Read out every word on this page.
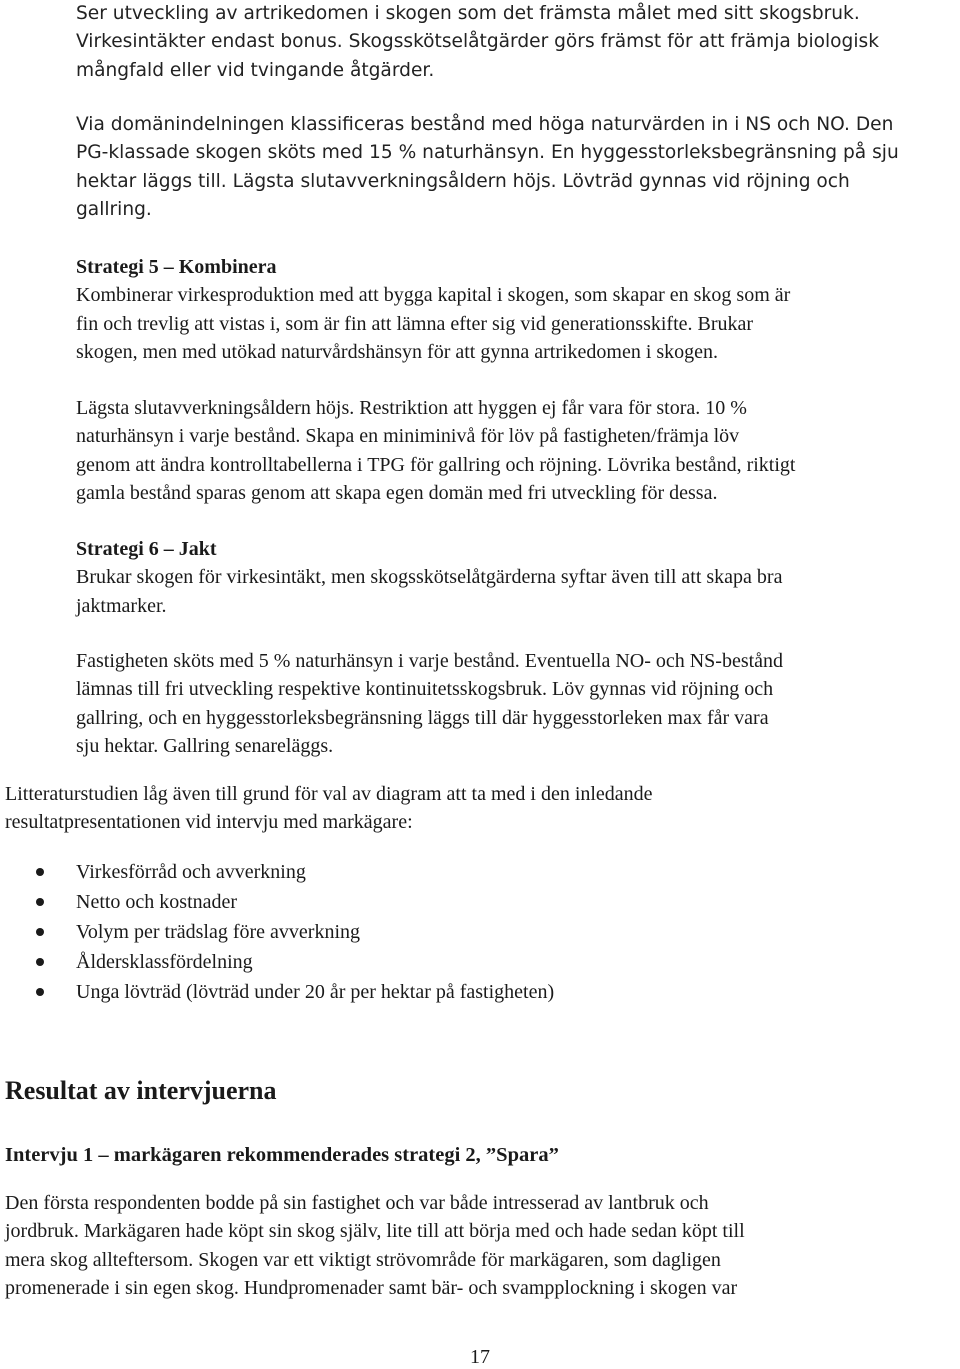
Ser utveckling av artrikedomen i skogen som det främsta målet med sitt skogsbruk.
Virkesintäkter endast bonus. Skogsskötselåtgärder görs främst för att främja biologisk
mångfald eller vid tvingande åtgärder.
Via domänindelningen klassificeras bestånd med höga naturvärden in i NS och NO. Den
PG-klassade skogen sköts med 15 % naturhänsyn. En hyggesstorleksbegränsning på sju
hektar läggs till. Lägsta slutavverkningsåldern höjs. Lövträd gynnas vid röjning och
gallring.
Strategi 5 – Kombinera
Kombinerar virkesproduktion med att bygga kapital i skogen, som skapar en skog som är
fin och trevlig att vistas i, som är fin att lämna efter sig vid generationsskifte. Brukar
skogen, men med utökad naturvårdshänsyn för att gynna artrikedomen i skogen.
Lägsta slutavverkningsåldern höjs. Restriktion att hyggen ej får vara för stora. 10 %
naturhänsyn i varje bestånd. Skapa en miniminivå för löv på fastigheten/främja löv
genom att ändra kontrolltabellerna i TPG för gallring och röjning. Lövrika bestånd, riktigt
gamla bestånd sparas genom att skapa egen domän med fri utveckling för dessa.
Strategi 6 – Jakt
Brukar skogen för virkesintäkt, men skogsskötselåtgärderna syftar även till att skapa bra
jaktmarker.
Fastigheten sköts med 5 % naturhänsyn i varje bestånd. Eventuella NO- och NS-bestånd
lämnas till fri utveckling respektive kontinuitetsskogsbruk. Löv gynnas vid röjning och
gallring, och en hyggesstorleksbegränsning läggs till där hyggesstorleken max får vara
sju hektar. Gallring senareläggs.
Litteraturstudien låg även till grund för val av diagram att ta med i den inledande
resultatpresentationen vid intervju med markägare:
Virkesförråd och avverkning
Netto och kostnader
Volym per trädslag före avverkning
Åldersklassfördelning
Unga lövträd (lövträd under 20 år per hektar på fastigheten)
Resultat av intervjuerna
Intervju 1 – markägaren rekommenderades strategi 2, ”Spara”
Den första respondenten bodde på sin fastighet och var både intresserad av lantbruk och
jordbruk. Markägaren hade köpt sin skog själv, lite till att börja med och hade sedan köpt till
mera skog allteftersom. Skogen var ett viktigt strövområde för markägaren, som dagligen
promenerade i sin egen skog. Hundpromenader samt bär- och svampplockning i skogen var
17
